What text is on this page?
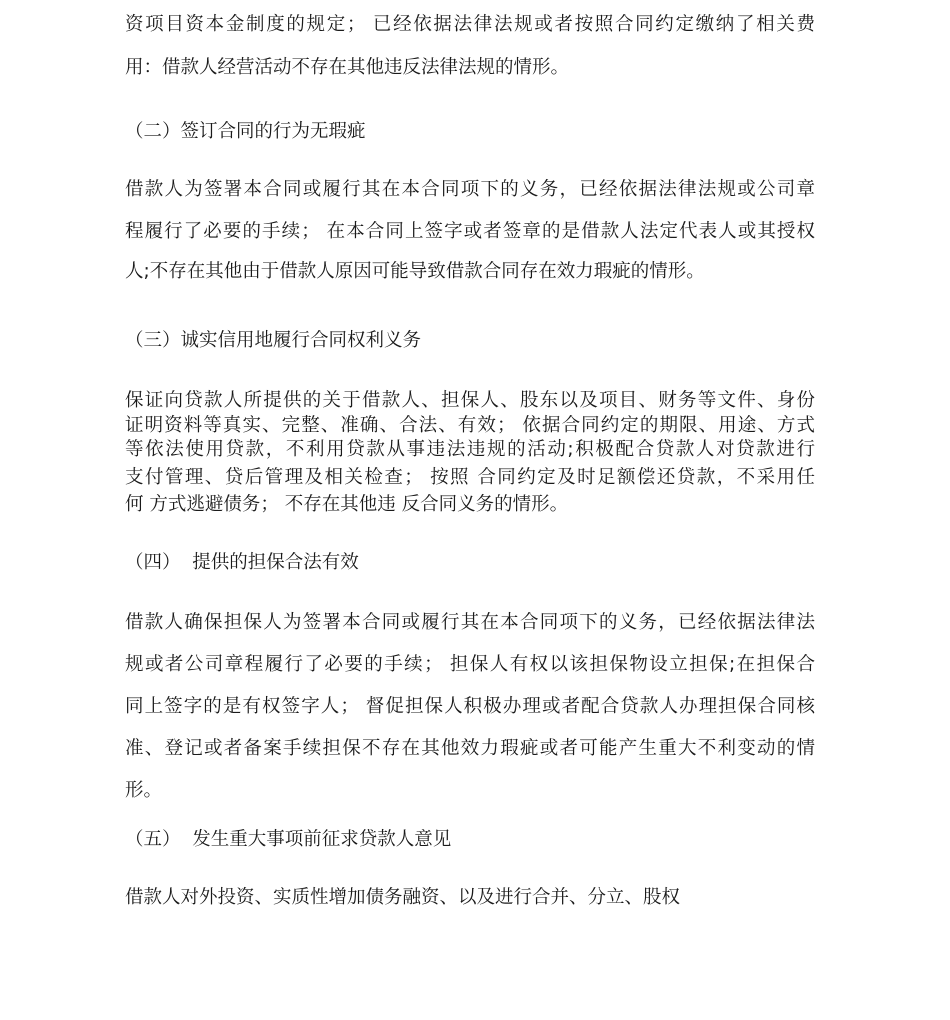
资项目资本金制度的规定； 已经依据法律法规或者按照合同约定缴纳了相关费
用：借款人经营活动不存在其他违反法律法规的情形。
（二）签订合同的行为无瑕疵
借款人为签署本合同或履行其在本合同项下的义务，已经依据法律法规或公司章
程履行了必要的手续； 在本合同上签字或者签章的是借款人法定代表人或其授权
人;不存在其他由于借款人原因可能导致借款合同存在效力瑕疵的情形。
（三）诚实信用地履行合同权利义务
保证向贷款人所提供的关于借款人、担保人、股东以及项目、财务等文件、身份
证明资料等真实、完整、准确、合法、有效； 依据合同约定的期限、用途、方式
等依法使用贷款，不利用贷款从事违法违规的活动;积极配合贷款人对贷款进行
支付管理、贷后管理及相关检查； 按照 合同约定及时足额偿还贷款，不采用任
何 方式逃避债务； 不存在其他违 反合同义务的情形。
（四）  提供的担保合法有效
借款人确保担保人为签署本合同或履行其在本合同项下的义务，已经依据法律法
规或者公司章程履行了必要的手续； 担保人有权以该担保物设立担保;在担保合
同上签字的是有权签字人； 督促担保人积极办理或者配合贷款人办理担保合同核
准、登记或者备案手续担保不存在其他效力瑕疵或者可能产生重大不利变动的情
形。
（五）  发生重大事项前征求贷款人意见
借款人对外投资、实质性增加债务融资、以及进行合并、分立、股权
